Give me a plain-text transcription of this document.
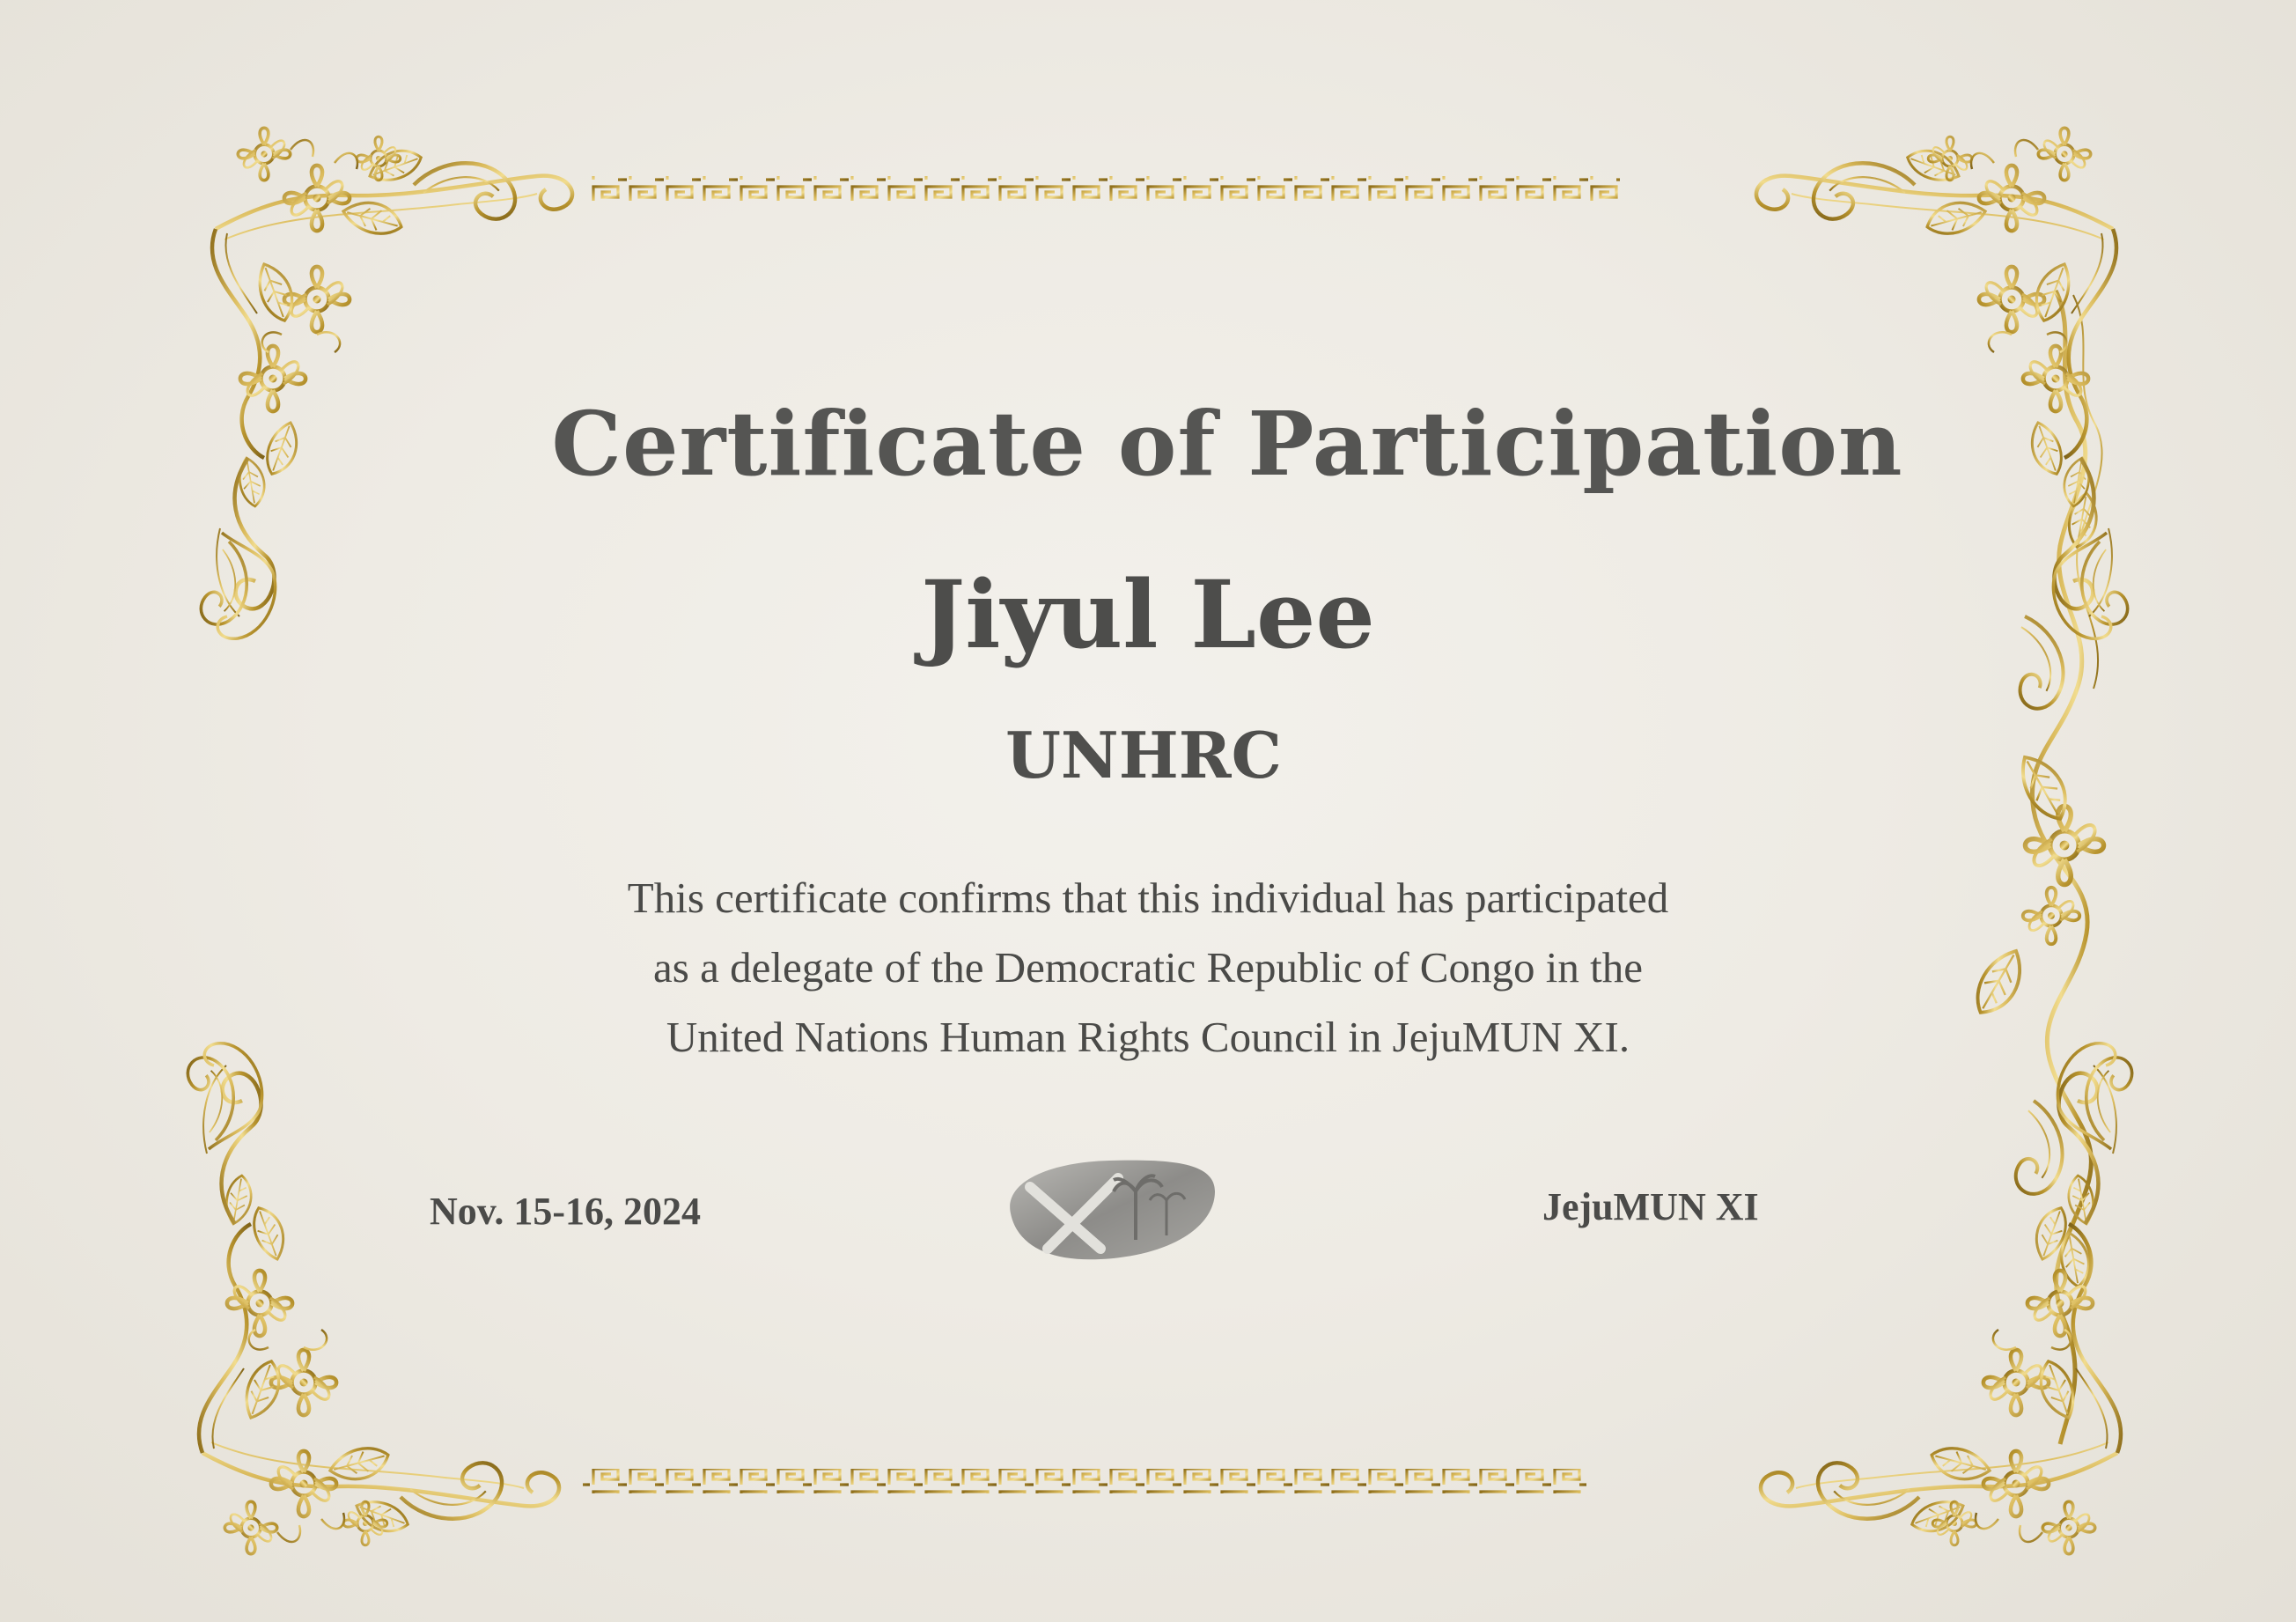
Certificate of Participation
Jiyul Lee
UNHRC
This certificate confirms that this individual has participated
as a delegate of the Democratic Republic of Congo in the
United Nations Human Rights Council in JejuMUN XI.
Nov. 15-16, 2024	JejuMUN XI
